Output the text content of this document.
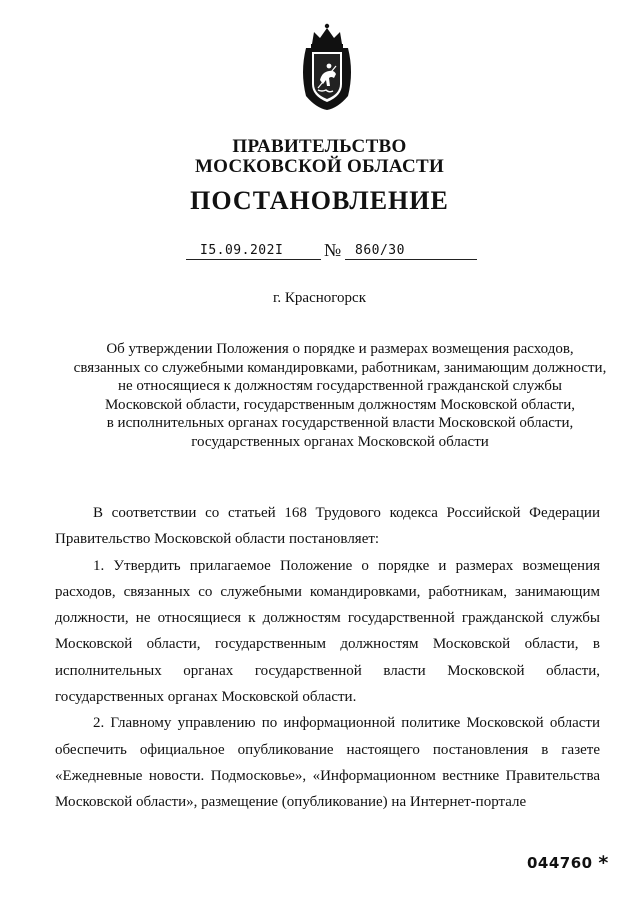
ПРАВИТЕЛЬСТВО
МОСКОВСКОЙ ОБЛАСТИ
ПОСТАНОВЛЕНИЕ
I5.09.202I № 860/30
г. Красногорск
Об утверждении Положения о порядке и размерах возмещения расходов,
связанных со служебными командировками, работникам, занимающим должности,
не относящиеся к должностям государственной гражданской службы
Московской области, государственным должностям Московской области,
в исполнительных органах государственной власти Московской области,
государственных органах Московской области

В соответствии со статьей 168 Трудового кодекса Российской Федерации Правительство Московской области постановляет:

1. Утвердить прилагаемое Положение о порядке и размерах возмещения расходов, связанных со служебными командировками, работникам, занимающим должности, не относящиеся к должностям государственной гражданской службы Московской области, государственным должностям Московской области, в исполнительных органах государственной власти Московской области, государственных органах Московской области.

2. Главному управлению по информационной политике Московской области обеспечить официальное опубликование настоящего постановления в газете «Ежедневные новости. Подмосковье», «Информационном вестнике Правительства Московской области», размещение (опубликование) на Интернет-портале

044760 *
